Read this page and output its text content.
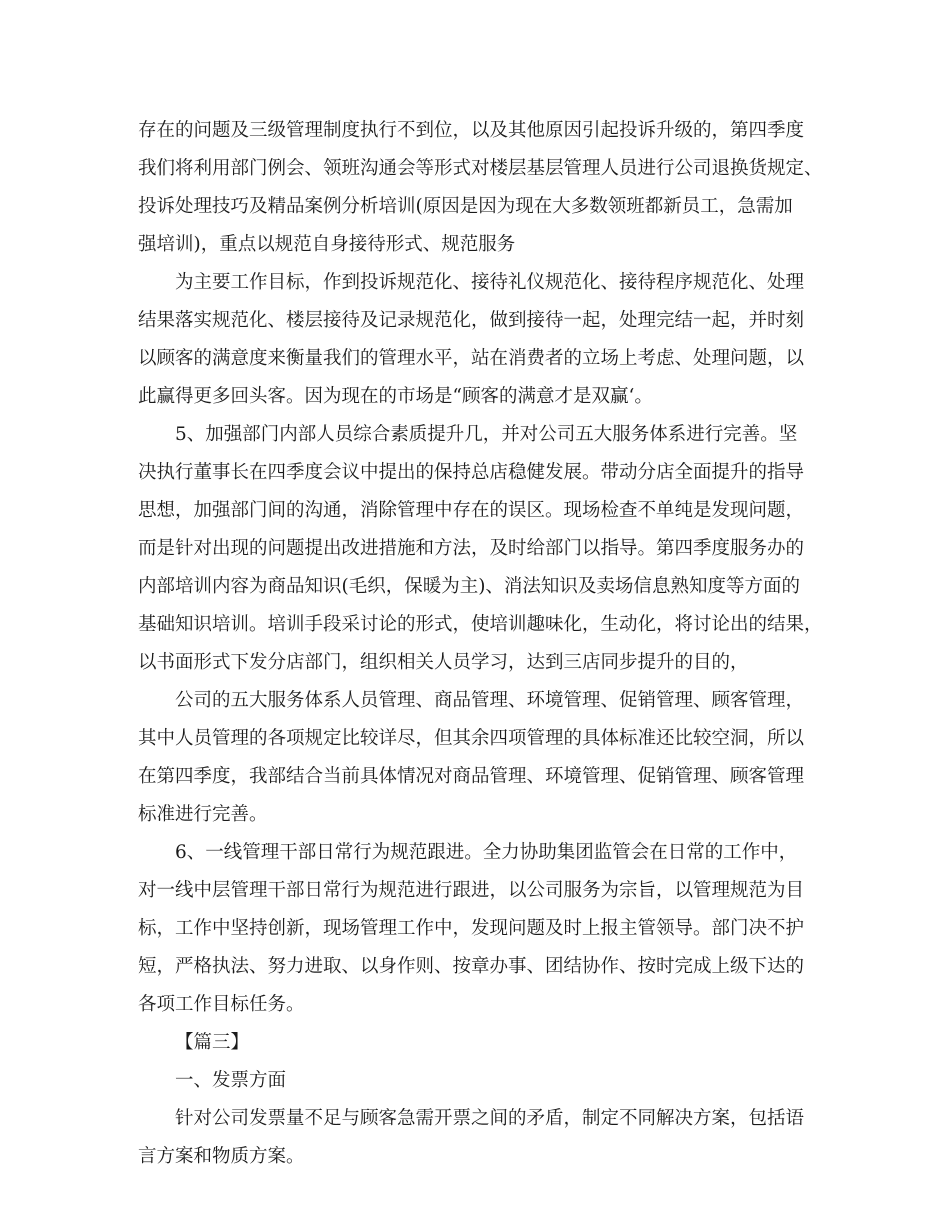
存在的问题及三级管理制度执行不到位，以及其他原因引起投诉升级的，第四季度
我们将利用部门例会、领班沟通会等形式对楼层基层管理人员进行公司退换货规定、
投诉处理技巧及精品案例分析培训(原因是因为现在大多数领班都新员工，急需加
强培训)，重点以规范自身接待形式、规范服务
为主要工作目标，作到投诉规范化、接待礼仪规范化、接待程序规范化、处理
结果落实规范化、楼层接待及记录规范化，做到接待一起，处理完结一起，并时刻
以顾客的满意度来衡量我们的管理水平，站在消费者的立场上考虑、处理问题，以
此赢得更多回头客。因为现在的市场是“顾客的满意才是双赢‘。
5、加强部门内部人员综合素质提升几，并对公司五大服务体系进行完善。坚
决执行董事长在四季度会议中提出的保持总店稳健发展。带动分店全面提升的指导
思想，加强部门间的沟通，消除管理中存在的误区。现场检查不单纯是发现问题，
而是针对出现的问题提出改进措施和方法，及时给部门以指导。第四季度服务办的
内部培训内容为商品知识(毛织，保暖为主)、消法知识及卖场信息熟知度等方面的
基础知识培训。培训手段采讨论的形式，使培训趣味化，生动化，将讨论出的结果，
以书面形式下发分店部门，组织相关人员学习，达到三店同步提升的目的，
公司的五大服务体系人员管理、商品管理、环境管理、促销管理、顾客管理，
其中人员管理的各项规定比较详尽，但其余四项管理的具体标准还比较空洞，所以
在第四季度，我部结合当前具体情况对商品管理、环境管理、促销管理、顾客管理
标准进行完善。
6、一线管理干部日常行为规范跟进。全力协助集团监管会在日常的工作中，
对一线中层管理干部日常行为规范进行跟进，以公司服务为宗旨，以管理规范为目
标，工作中坚持创新，现场管理工作中，发现问题及时上报主管领导。部门决不护
短，严格执法、努力进取、以身作则、按章办事、团结协作、按时完成上级下达的
各项工作目标任务。
【篇三】
一、发票方面
针对公司发票量不足与顾客急需开票之间的矛盾，制定不同解决方案，包括语
言方案和物质方案。
